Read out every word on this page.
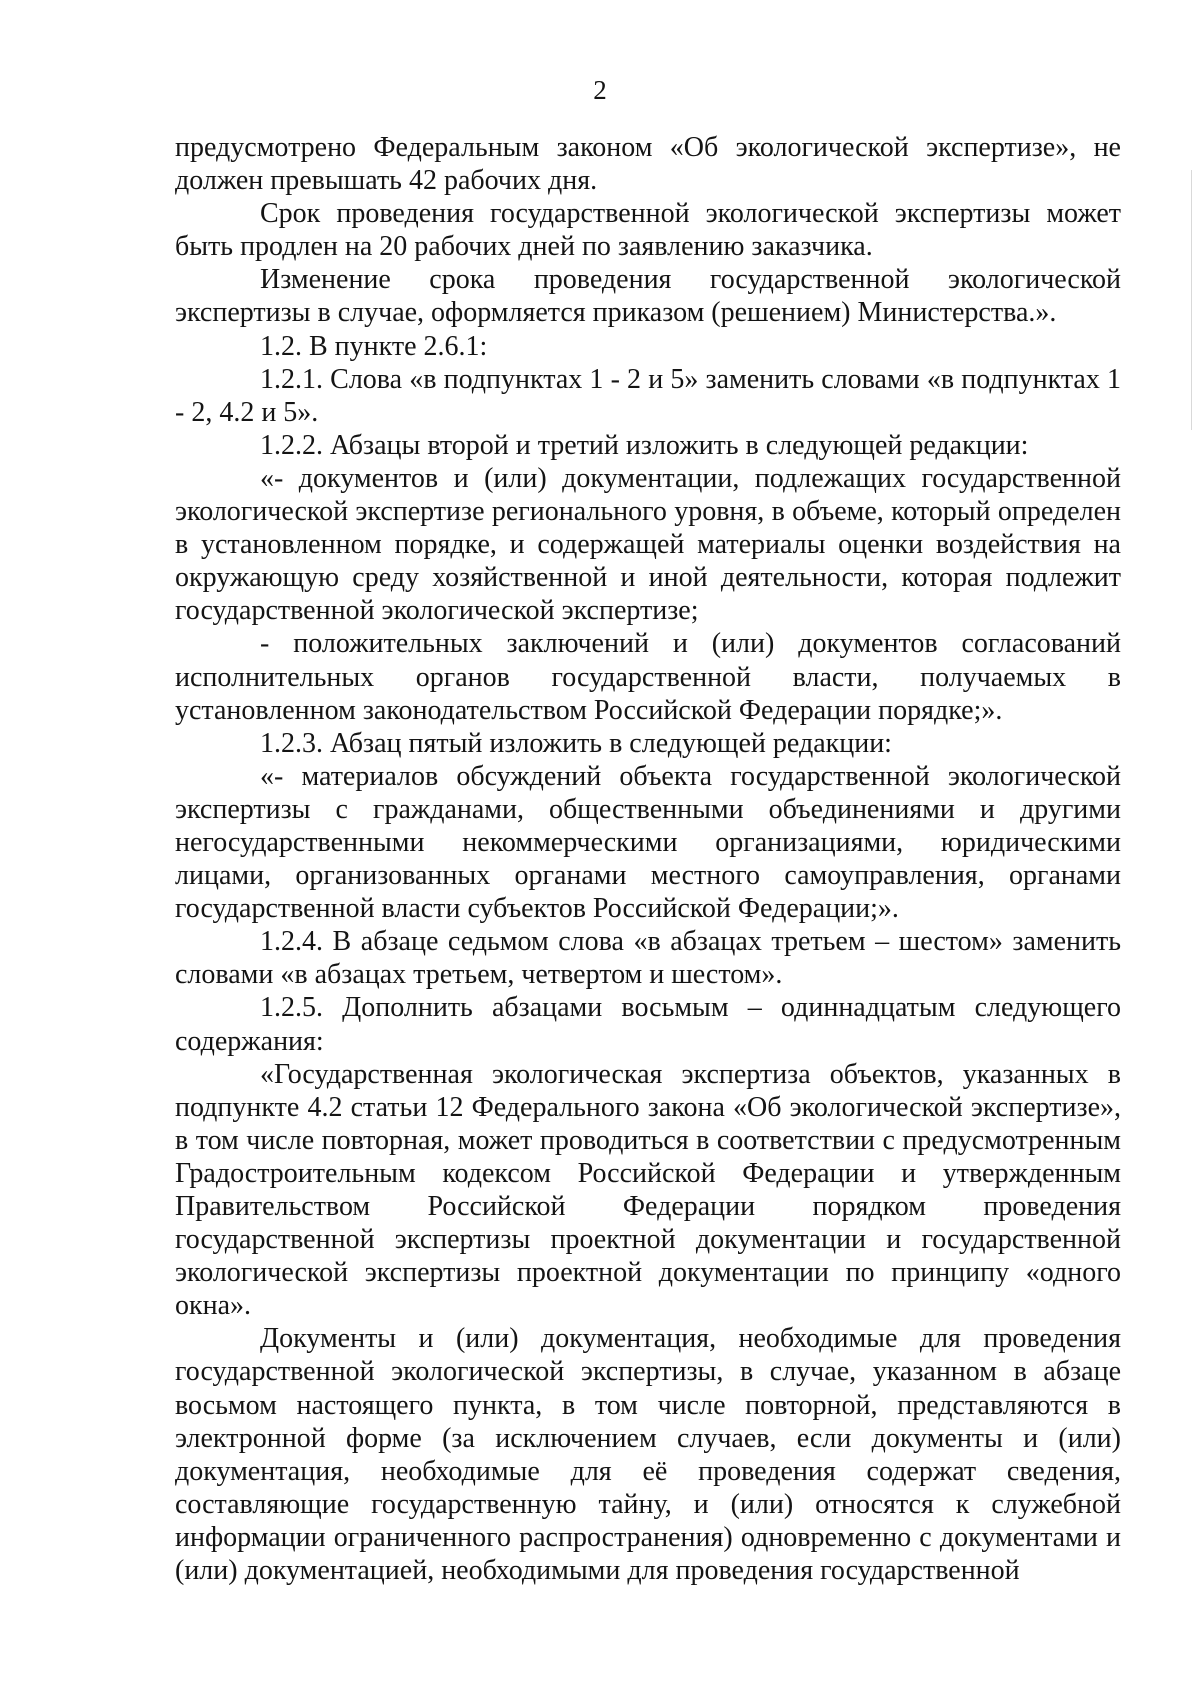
2

предусмотрено Федеральным законом «Об экологической экспертизе», не должен превышать 42 рабочих дня.

Срок проведения государственной экологической экспертизы может быть продлен на 20 рабочих дней по заявлению заказчика.

Изменение срока проведения государственной экологической экспертизы в случае, оформляется приказом (решением) Министерства.».

1.2. В пункте 2.6.1:

1.2.1. Слова «в подпунктах 1 - 2 и 5» заменить словами «в подпунктах 1 - 2, 4.2 и 5».

1.2.2. Абзацы второй и третий изложить в следующей редакции:

«- документов и (или) документации, подлежащих государственной экологической экспертизе регионального уровня, в объеме, который определен в установленном порядке, и содержащей материалы оценки воздействия на окружающую среду хозяйственной и иной деятельности, которая подлежит государственной экологической экспертизе;

- положительных заключений и (или) документов согласований исполнительных органов государственной власти, получаемых в установленном законодательством Российской Федерации порядке;».

1.2.3. Абзац пятый изложить в следующей редакции:

«- материалов обсуждений объекта государственной экологической экспертизы с гражданами, общественными объединениями и другими негосударственными некоммерческими организациями, юридическими лицами, организованных органами местного самоуправления, органами государственной власти субъектов Российской Федерации;».

1.2.4. В абзаце седьмом слова «в абзацах третьем – шестом» заменить словами «в абзацах третьем, четвертом и шестом».

1.2.5. Дополнить абзацами восьмым – одиннадцатым следующего содержания:

«Государственная экологическая экспертиза объектов, указанных в подпункте 4.2 статьи 12 Федерального закона «Об экологической экспертизе», в том числе повторная, может проводиться в соответствии с предусмотренным Градостроительным кодексом Российской Федерации и утвержденным Правительством Российской Федерации порядком проведения государственной экспертизы проектной документации и государственной экологической экспертизы проектной документации по принципу «одного окна».

Документы и (или) документация, необходимые для проведения государственной экологической экспертизы, в случае, указанном в абзаце восьмом настоящего пункта, в том числе повторной, представляются в электронной форме (за исключением случаев, если документы и (или) документация, необходимые для её проведения содержат сведения, составляющие государственную тайну, и (или) относятся к служебной информации ограниченного распространения) одновременно с документами и (или) документацией, необходимыми для проведения государственной
